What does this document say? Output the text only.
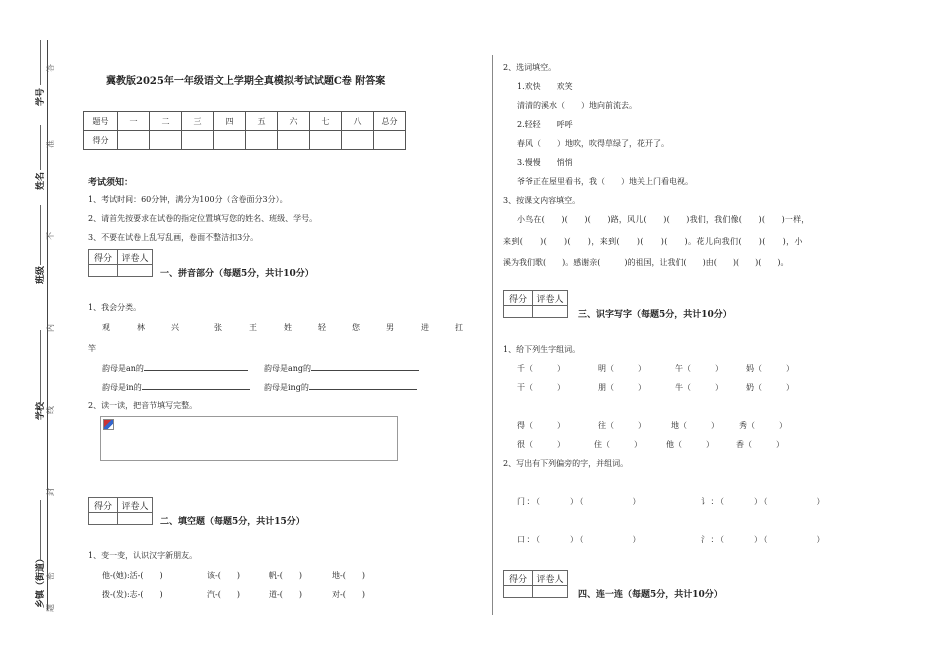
学号
姓名
班级
学校
乡镇（街道）
答
准
不
内
线
封
密
题
冀教版2025年一年级语文上学期全真模拟考试试题C卷 附答案
题号	一	二	三	四	五	六	七	八	总分
得分									
考试须知：
1、考试时间：60分钟，满分为100分（含卷面分3分）。
2、请首先按要求在试卷的指定位置填写您的姓名、班级、学号。
3、不要在试卷上乱写乱画，卷面不整洁扣3分。
得分	评卷人

一、拼音部分（每题5分，共计10分）
1、我会分类。
观	林	兴	张	王	姓	轻	您	男	进	扛
竿
韵母是an的	韵母是ang的
韵母是in的	韵母是ing的
2、读一读，把音节填写完整。
得分	评卷人

二、填空题（每题5分，共计15分）
1、变一变，认识汉字新朋友。
他-(她):活-(　　)	该-(　　)	帆-(　　)	地-(　　)
拨-(发):志-(　　)	汽-(　　)	道-(　　)	对-(　　)
2、选词填空。
1.欢快　　欢笑
清清的溪水（　　）地向前流去。
2.轻轻　　呼呼
春风（　　）地吹，吹得草绿了，花开了。
3.慢慢　　悄悄
爷爷正在屋里看书，我（　　）地关上门看电视。
3、按课文内容填空。
小鸟在(　　)(　　)(　　)路，风儿(　　)(　　)我们，我们像(　　)(　　)一样，
来到(　　)(　　)(　　)，来到(　　)(　　)(　　)。花儿向我们(　　)(　　)，小
溪为我们歌(　　)。感谢亲(　　　)的祖国，让我们(　　)由(　　)(　　)(　　)。
得分	评卷人

三、识字写字（每题5分，共计10分）
1、给下列生字组词。
千（　　　）	明（　　　）	午（　　　）	妈（　　　）
干（　　　）	朋（　　　）	牛（　　　）	奶（　　　）
得（　　　）	往（　　　）	地（　　　）	秀（　　　）
很（　　　）	住（　　　）	他（　　　）	香（　　　）
2、写出有下列偏旁的字，并组词。
门：（　　　）（　　　　　）	讠：（　　　）（　　　　　）
口：（　　　）（　　　　　）	氵：（　　　）（　　　　　）
得分	评卷人

四、连一连（每题5分，共计10分）
